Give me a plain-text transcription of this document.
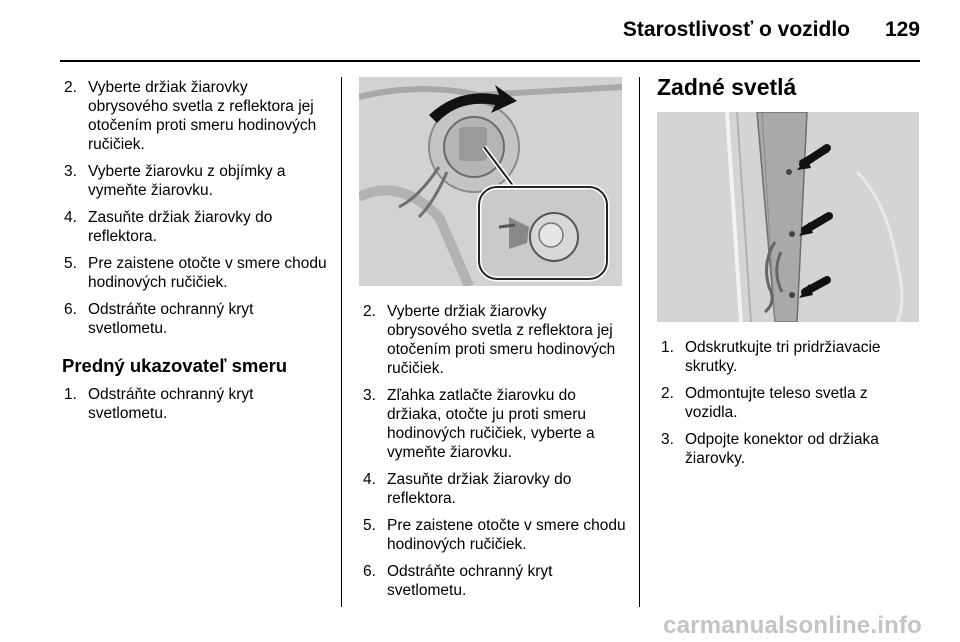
Starostlivosť o vozidlo	129
2. Vyberte držiak žiarovky obrysového svetla z reflektora jej otočením proti smeru hodinových ručičiek.
3. Vyberte žiarovku z objímky a vymeňte žiarovku.
4. Zasuňte držiak žiarovky do reflektora.
5. Pre zaistene otočte v smere chodu hodinových ručičiek.
6. Odstráňte ochranný kryt svetlometu.
Predný ukazovateľ smeru
1. Odstráňte ochranný kryt svetlometu.
2. Vyberte držiak žiarovky obrysového svetla z reflektora jej otočením proti smeru hodinových ručičiek.
3. Zľahka zatlačte žiarovku do držiaka, otočte ju proti smeru hodinových ručičiek, vyberte a vymeňte žiarovku.
4. Zasuňte držiak žiarovky do reflektora.
5. Pre zaistene otočte v smere chodu hodinových ručičiek.
6. Odstráňte ochranný kryt svetlometu.
Zadné svetlá
1. Odskrutkujte tri pridržiavacie skrutky.
2. Odmontujte teleso svetla z vozidla.
3. Odpojte konektor od držiaka žiarovky.
carmanualsonline.info
